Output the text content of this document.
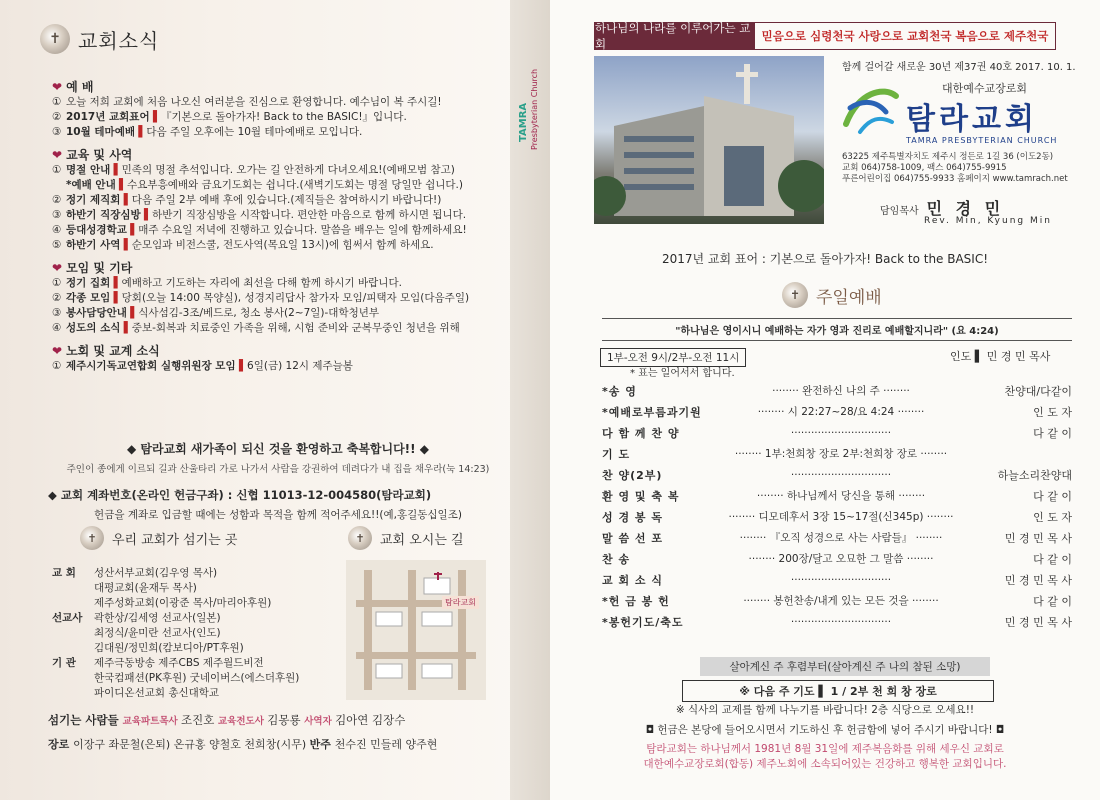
✝ 교회소식
❤ 예 배
① 오늘 저희 교회에 처음 나오신 여러분을 진심으로 환영합니다. 예수님이 복 주시길!
② 2017년 교회표어 ▌『기본으로 돌아가자! Back to the BASIC!』입니다.
③ 10월 테마예배 ▌다음 주일 오후에는 10월 테마예배로 모입니다.
❤ 교육 및 사역
① 명절 안내 ▌민족의 명절 추석입니다. 오가는 길 안전하게 다녀오세요!(예배모범 참고)
*예배 안내 ▌수요부흥예배와 금요기도회는 쉽니다.(새벽기도회는 명절 당일만 쉽니다.)
② 정기 제직회 ▌다음 주일 2부 예배 후에 있습니다.(제직들은 참여하시기 바랍니다!)
③ 하반기 직장심방 ▌하반기 직장심방을 시작합니다. 편안한 마음으로 함께 하시면 됩니다.
④ 등대성경학교 ▌매주 수요일 저녁에 진행하고 있습니다. 말씀을 배우는 일에 함께하세요!
⑤ 하반기 사역 ▌순모임과 비전스쿨, 전도사역(목요일 13시)에 힘써서 함께 하세요.
❤ 모임 및 기타
① 정기 집회 ▌예배하고 기도하는 자리에 최선을 다해 함께 하시기 바랍니다.
② 각종 모임 ▌당회(오늘 14:00 목양실), 성경지리답사 참가자 모임/피택자 모임(다음주일)
③ 봉사담당안내 ▌식사섬김-3조/베드로, 청소 봉사(2~7일)-대학청년부
④ 성도의 소식 ▌중보-회복과 치료중인 가족을 위해, 시험 준비와 군복무중인 청년을 위해
❤ 노회 및 교계 소식
① 제주시기독교연합회 실행위원장 모임 ▌6일(금) 12시 제주늘봄
◆ 탐라교회 새가족이 되신 것을 환영하고 축복합니다!! ◆
주인이 종에게 이르되 길과 산울타리 가로 나가서 사람을 강권하여 데려다가 내 집을 채우라(눅 14:23)
◆ 교회 계좌번호(온라인 헌금구좌) : 신협 11013-12-004580(탐라교회)
헌금을 계좌로 입금할 때에는 성함과 목적을 함께 적어주세요!!(예,홍길동십일조)
✝	우리 교회가 섬기는 곳	✝	교회 오시는 길
교 회	성산서부교회(김우영 목사)
대평교회(윤재두 목사)
제주성화교회(이광준 목사/마리아후원)
선교사	곽한상/김세영 선교사(일본)
최정식/윤미란 선교사(인도)
김대원/정민희(캄보디아/PT후원)
기 관	제주극동방송 제주CBS 제주월드비전
한국컴패션(PK후원) 굿네이버스(에스더후원)
파이디온선교회 총신대학교
탐라교회
섬기는 사람들 교육파트목사 조진호 교육전도사 김몽룡 사역자 김아연 김장수
장로 이장구 좌문철(은퇴) 온규홍 양철호 천희창(시무) 반주 천수진 민들레 양주현
TAMRA Presbyterian Church
하나님의 나라를 이루어가는 교회
믿음으로 심령천국 사랑으로 교회천국 복음으로 제주천국
함께 걸어갈 새로운 30년 제37권 40호 2017. 10. 1.
대한예수교장로회
탐라교회
TAMRA PRESBYTERIAN CHURCH
63225 제주특별자치도 제주시 정든로 1길 36 (이도2동)
교회 064)758-1009, 팩스 064)755-9915
푸른어린이집 064)755-9933 홈페이지 www.tamrach.net
담임목사 민 경 민
Rev. Min, Kyung Min
2017년 교회 표어 : 기본으로 돌아가자! Back to the BASIC!
✝ 주일예배
"하나님은 영이시니 예배하는 자가 영과 진리로 예배할지니라" (요 4:24)
1부-오전 9시/2부-오전 11시	인도 ▌ 민 경 민 목사
* 표는 일어서서 합니다.
*송 영	········ 완전하신 나의 주 ········	찬양대/다같이
*예배로부름과기원	········ 시 22:27~28/요 4:24 ········	인 도 자
다 함 께 찬 양	······························	다 같 이
기 도	········ 1부:천희창 장로 2부:천희창 장로 ········
찬 양(2부)	······························	하늘소리찬양대
환 영 및 축 복	········ 하나님께서 당신을 통해 ········	다 같 이
성 경 봉 독	········ 디모데후서 3장 15~17절(신345p) ········	인 도 자
말 씀 선 포	········ 『오직 성경으로 사는 사람들』 ········	민 경 민 목 사
찬 송	········ 200장/달고 오묘한 그 말씀 ········	다 같 이
교 회 소 식	······························	민 경 민 목 사
*헌 금 봉 헌	········ 봉헌찬송/내게 있는 모든 것을 ········	다 같 이
*봉헌기도/축도	······························	민 경 민 목 사
살아계신 주 후렴부터(살아계신 주 나의 참된 소망)
※ 다음 주 기도 ▌ 1 / 2부 천 희 창 장로
※ 식사의 교제를 함께 나누기를 바랍니다! 2층 식당으로 오세요!!
◘ 헌금은 본당에 들어오시면서 기도하신 후 헌금함에 넣어 주시기 바랍니다! ◘
탐라교회는 하나님께서 1981년 8월 31일에 제주복음화를 위해 세우신 교회로
대한예수교장로회(합동) 제주노회에 소속되어있는 건강하고 행복한 교회입니다.
